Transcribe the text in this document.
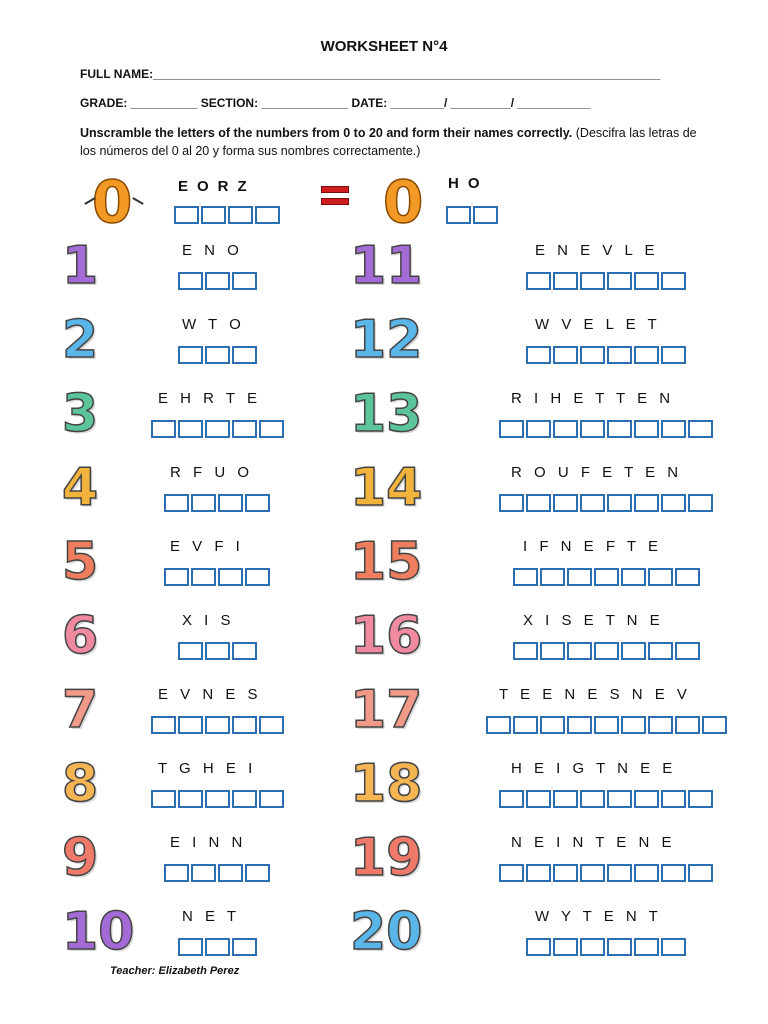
WORKSHEET N°4
FULL NAME:____________________________________________________________________________
GRADE: __________ SECTION: _____________ DATE: ________/ _________/ ___________
Unscramble the letters of the numbers from 0 to 20 and form their names correctly. (Descifra las letras de los números del 0 al 20 y forma sus nombres correctamente.)
0	EORZ 0 HO
1	E N O
2	W T O
3	E H R T E
4	R F U O
5	E V F I
6	X I S
7	E V N E S
8	T G H E I
9	E I N N
10	N E T
11	E N E V L E
12	W V E L E T
13	R I H E T T E N
14	R O U F E T E N
15	I F N E F T E
16	X I S E T N E
17	T E E N E S N E V
18	H E I G T N E E
19	N E I N T E N E
20	W Y T E N T
Teacher: Elizabeth Perez
